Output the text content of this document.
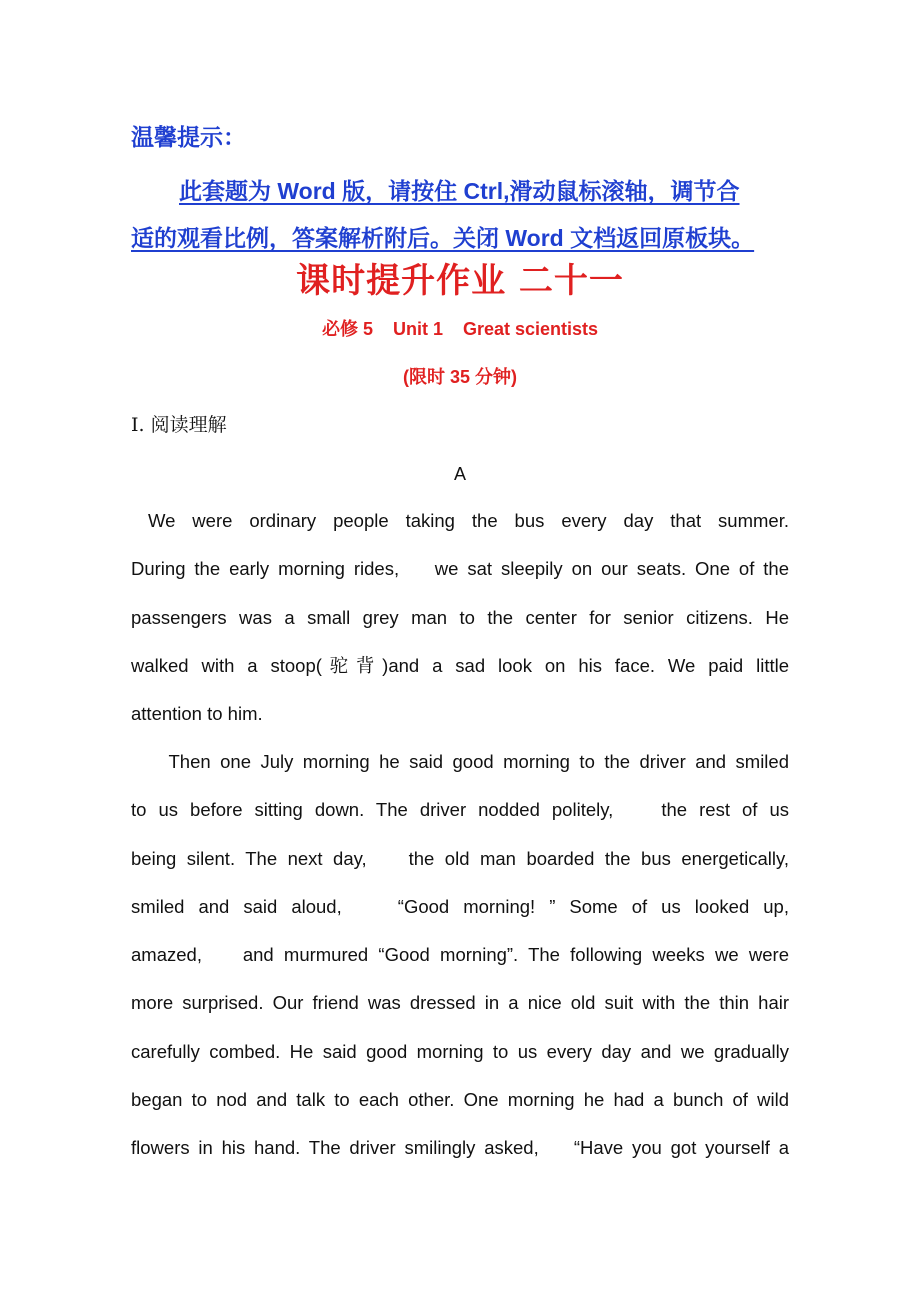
温馨提示：

此套题为 Word 版，请按住 Ctrl,滑动鼠标滚轴，调节合
适的观看比例，答案解析附后。关闭 Word 文档返回原板块。

课时提升作业 二十一

必修 5    Unit 1    Great scientists

(限时 35 分钟)

Ⅰ. 阅读理解

A

We were ordinary people taking the bus every day that summer.
During the early morning rides,    we sat sleepily on our seats. One of the
passengers was a small grey man to the center for senior citizens. He
walked with a stoop(驼背)and a sad look on his face. We paid little
attention to him.

Then one July morning he said good morning to the driver and smiled
to us before sitting down. The driver nodded politely,    the rest of us
being silent. The next day,    the old man boarded the bus energetically,
smiled and said aloud,    “Good morning! ” Some of us looked up,
amazed,    and murmured “Good morning”. The following weeks we were
more surprised. Our friend was dressed in a nice old suit with the thin hair
carefully combed. He said good morning to us every day and we gradually
began to nod and talk to each other. One morning he had a bunch of wild
flowers in his hand. The driver smilingly asked,    “Have you got yourself a
